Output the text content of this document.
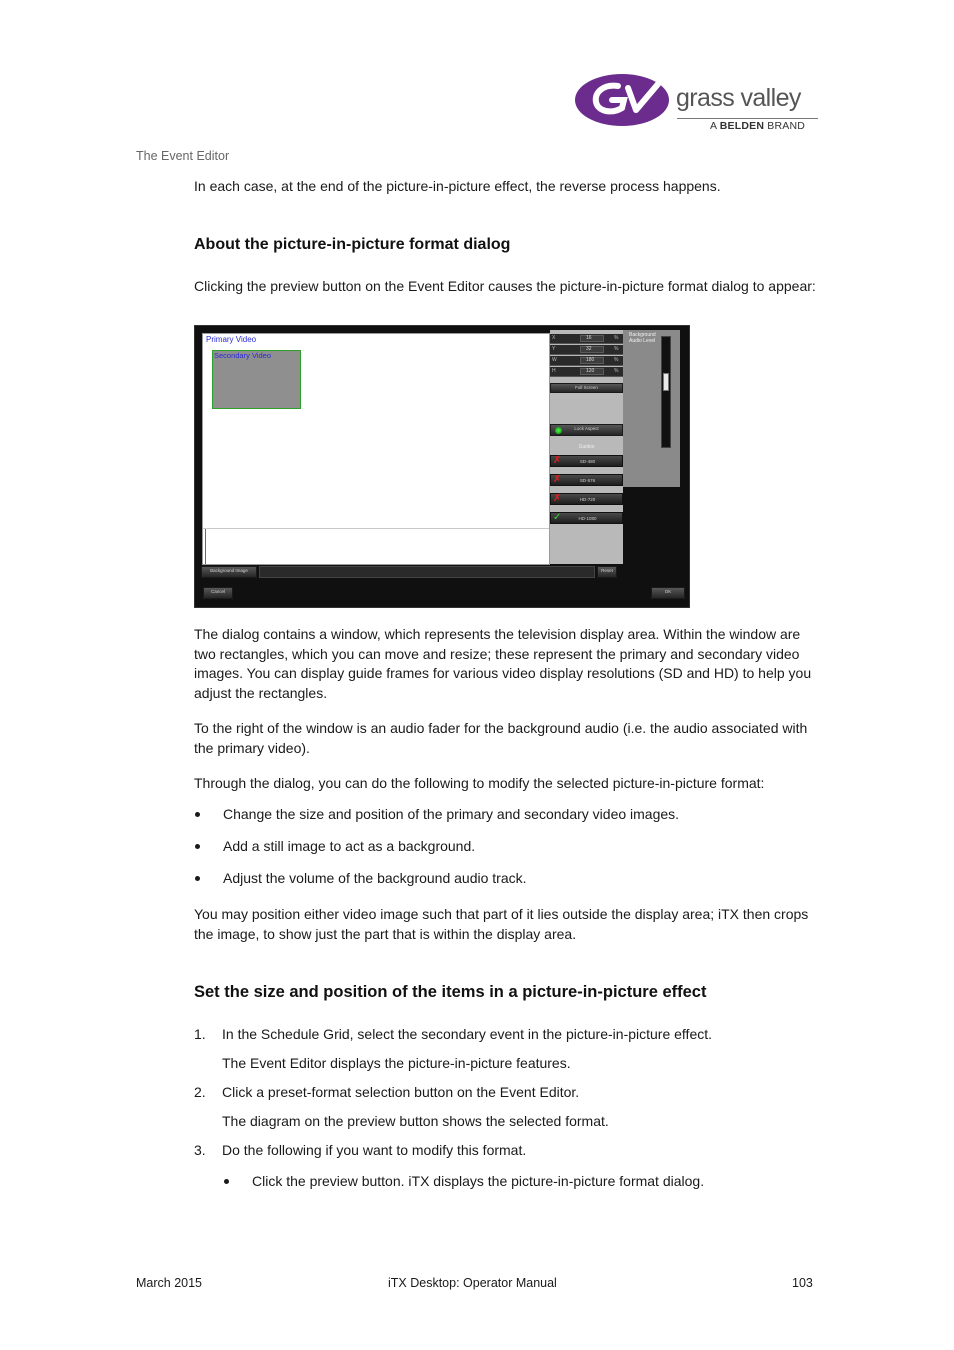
grass valley
A BELDEN BRAND
The Event Editor
In each case, at the end of the picture-in-picture effect, the reverse process happens.
About the picture-in-picture format dialog
Clicking the preview button on the Event Editor causes the picture-in-picture format dialog to appear:
Primary Video
Secondary Video
X	16	%
Y	32	%
W	180	%
H	120	%
Full Screen
Lock Aspect
Guides
✗	SD-480
✗	SD-576
✗	HD-720
✓	HD-1080
Background
Audio Level
Background Image	Reset
Cancel	OK
The dialog contains a window, which represents the television display area. Within the window are two rectangles, which you can move and resize; these represent the primary and secondary video images. You can display guide frames for various video display resolutions (SD and HD) to help you adjust the rectangles.
To the right of the window is an audio fader for the background audio (i.e. the audio associated with the primary video).
Through the dialog, you can do the following to modify the selected picture-in-picture format:
Change the size and position of the primary and secondary video images.
Add a still image to act as a background.
Adjust the volume of the background audio track.
You may position either video image such that part of it lies outside the display area; iTX then crops the image, to show just the part that is within the display area.
Set the size and position of the items in a picture-in-picture effect
1. In the Schedule Grid, select the secondary event in the picture-in-picture effect.
The Event Editor displays the picture-in-picture features.
2. Click a preset-format selection button on the Event Editor.
The diagram on the preview button shows the selected format.
3. Do the following if you want to modify this format.
Click the preview button. iTX displays the picture-in-picture format dialog.
March 2015	iTX Desktop: Operator Manual	103
